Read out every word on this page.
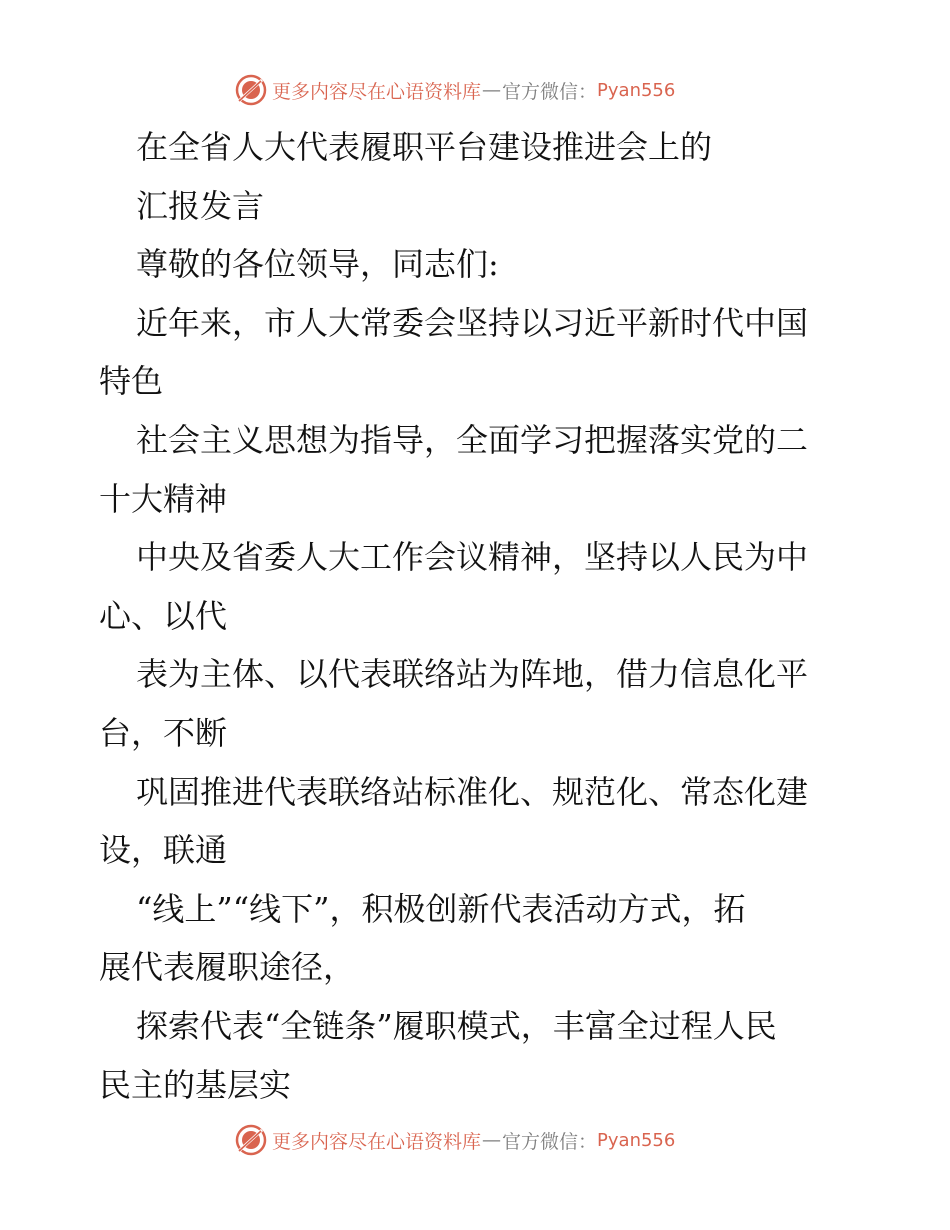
更多内容尽在心语资料库 — 官方微信： Pyan556
在全省人大代表履职平台建设推进会上的
汇报发言
尊敬的各位领导，同志们:
近年来，市人大常委会坚持以习近平新时代中国
特色
社会主义思想为指导，全面学习把握落实党的二
十大精神
中央及省委人大工作会议精神，坚持以人民为中
心、以代
表为主体、以代表联络站为阵地，借力信息化平
台，不断
巩固推进代表联络站标准化、规范化、常态化建
设，联通
“线上”“线下”，积极创新代表活动方式，拓
展代表履职途径，
探索代表“全链条”履职模式，丰富全过程人民
民主的基层实
更多内容尽在心语资料库 — 官方微信： Pyan556
